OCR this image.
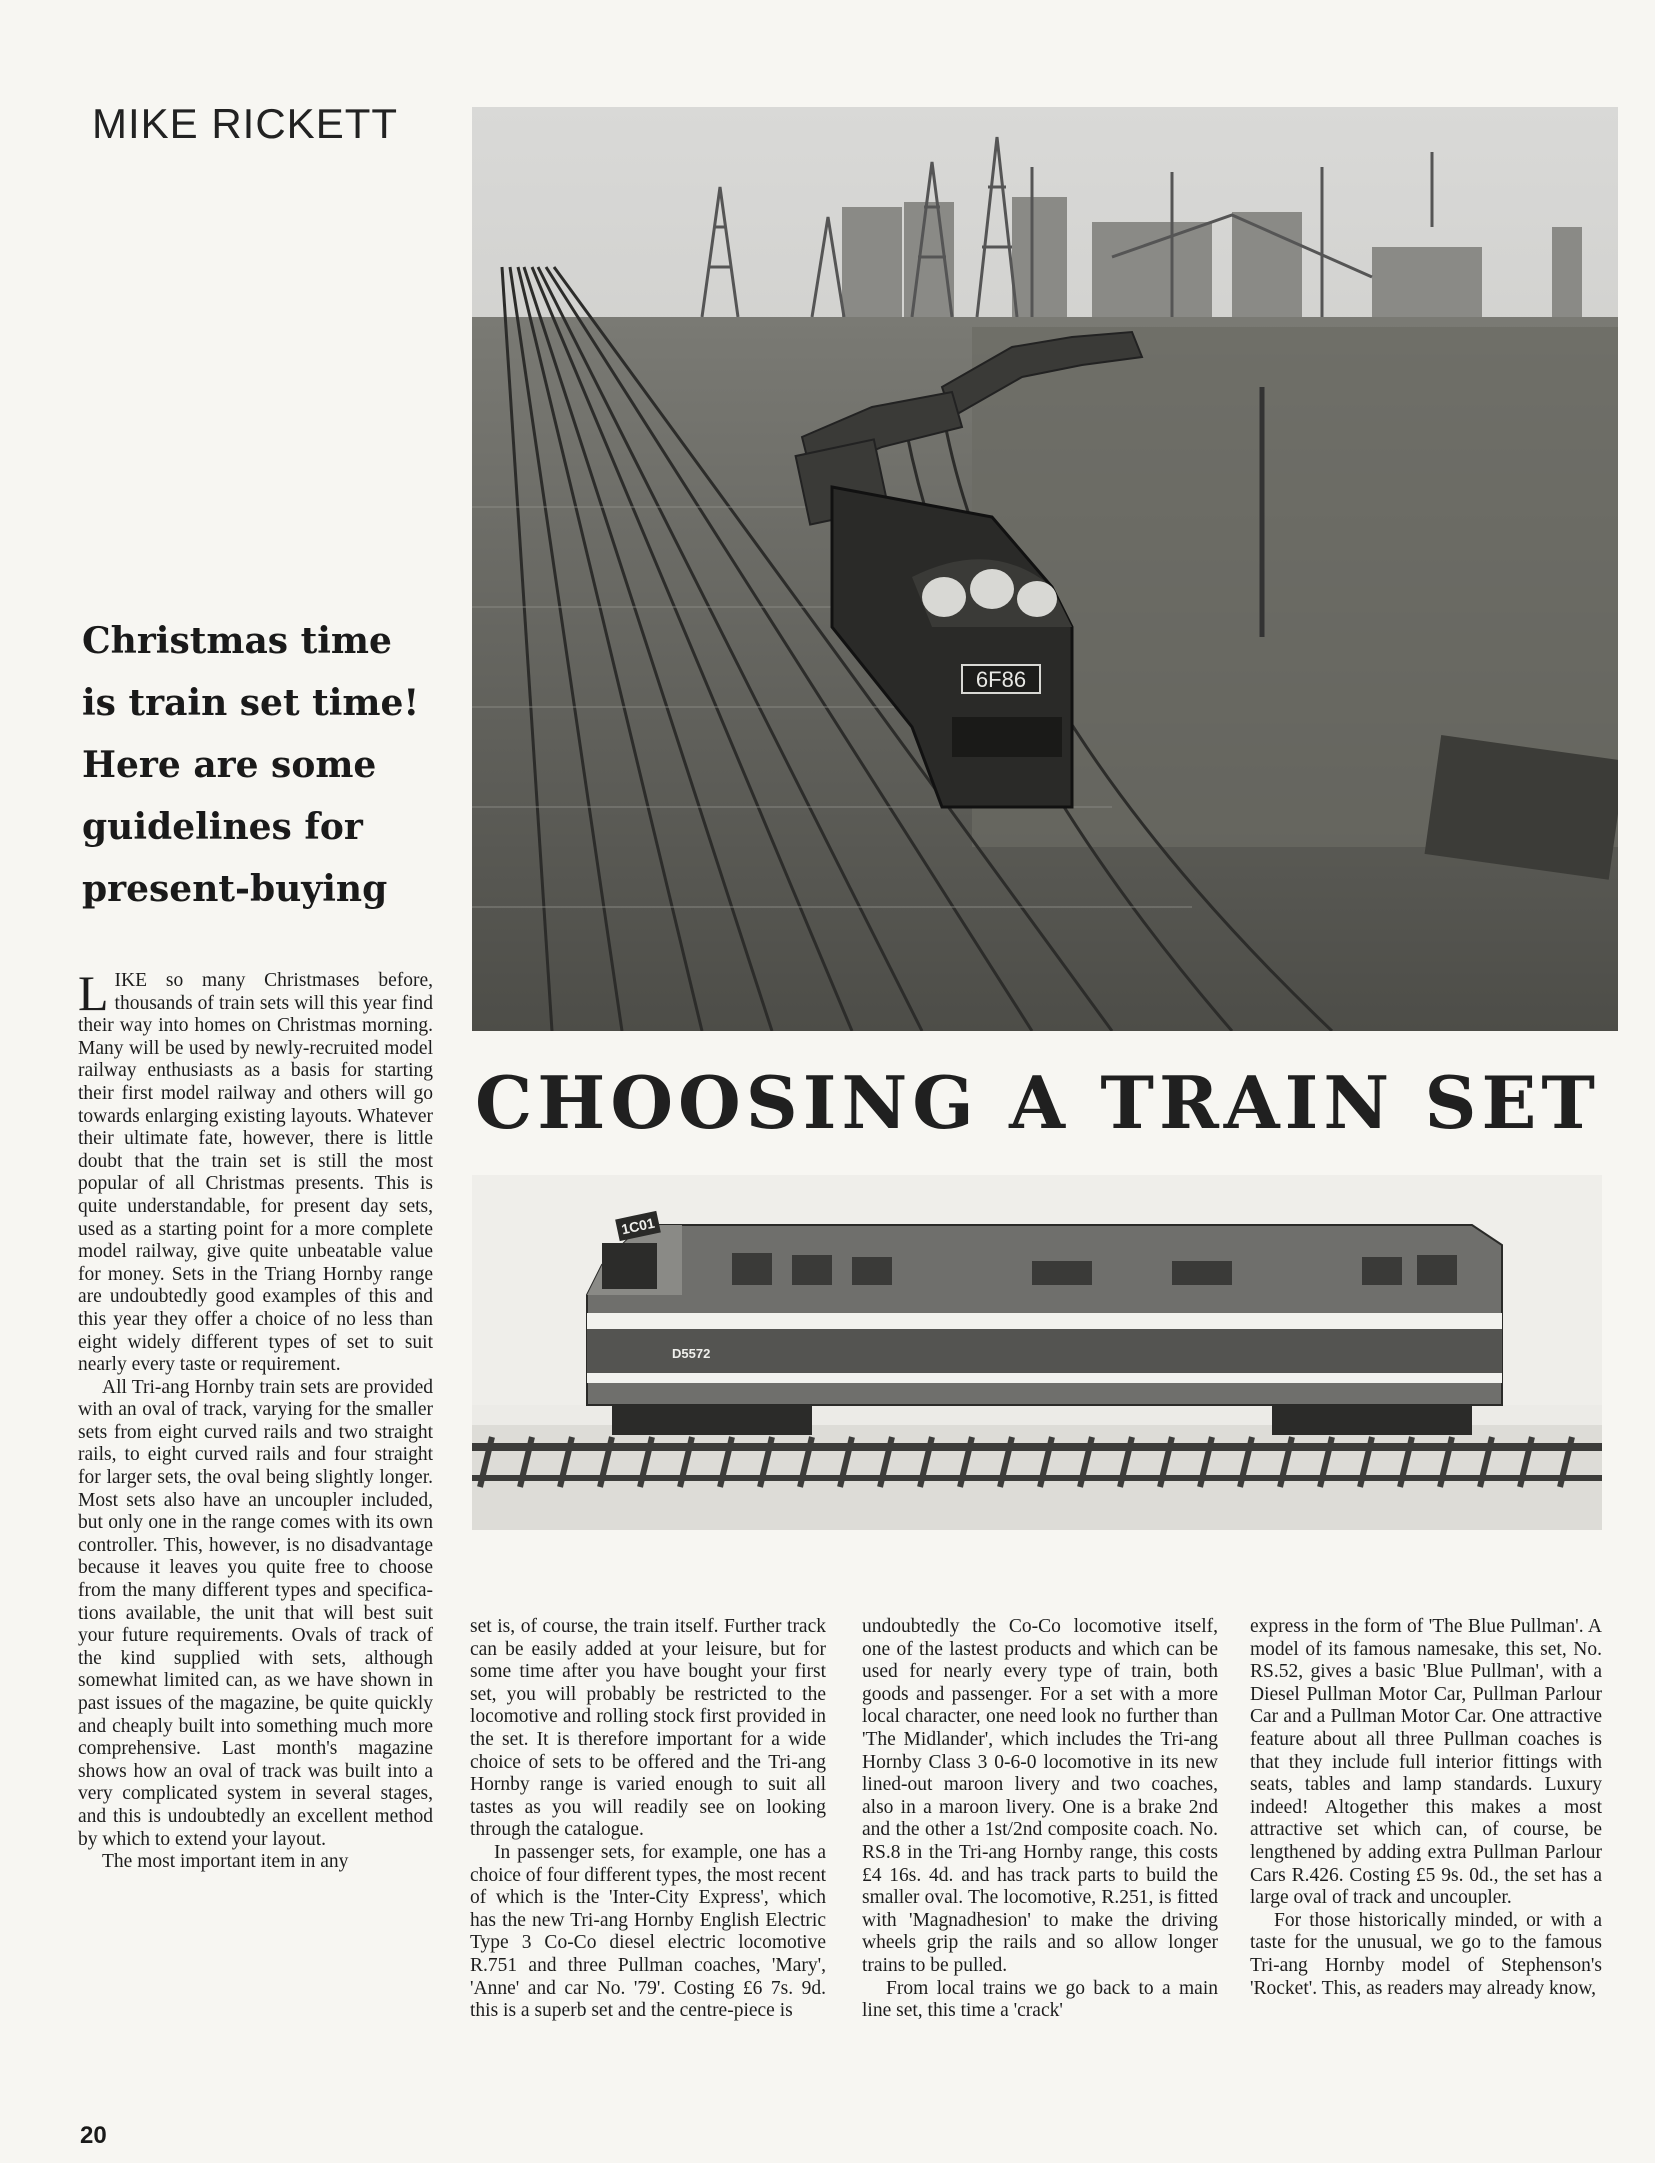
MIKE RICKETT
Christmas time
is train set time!
Here are some
guidelines for
present-buying
6F86
CHOOSING A TRAIN SET
1C01
D5572

LIKE so many Christmases before, thousands of train sets will this year find their way into homes on Christmas morning. Many will be used by newly-recruited model railway enthusiasts as a basis for starting their first model railway and others will go towards enlarging existing layouts. Whatever their ultimate fate, however, there is little doubt that the train set is still the most popular of all Christmas presents. This is quite understandable, for present day sets, used as a starting point for a more complete model railway, give quite unbeatable value for money. Sets in the Triang Hornby range are undoubtedly good examples of this and this year they offer a choice of no less than eight widely different types of set to suit nearly every taste or requirement.

All Tri-ang Hornby train sets are provided with an oval of track, varying for the smaller sets from eight curved rails and two straight rails, to eight curved rails and four straight for larger sets, the oval being slightly longer. Most sets also have an uncoupler included, but only one in the range comes with its own controller. This, however, is no disadvantage because it leaves you quite free to choose from the many different types and specifications available, the unit that will best suit your future requirements. Ovals of track of the kind supplied with sets, although somewhat limited can, as we have shown in past issues of the magazine, be quite quickly and cheaply built into something much more comprehensive. Last month's magazine shows how an oval of track was built into a very complicated system in several stages, and this is undoubtedly an excellent method by which to extend your layout.

The most important item in any

set is, of course, the train itself. Further track can be easily added at your leisure, but for some time after you have bought your first set, you will probably be restricted to the locomotive and rolling stock first provided in the set. It is therefore important for a wide choice of sets to be offered and the Tri-ang Hornby range is varied enough to suit all tastes as you will readily see on looking through the catalogue.

In passenger sets, for example, one has a choice of four different types, the most recent of which is the 'Inter-City Express', which has the new Tri-ang Hornby English Electric Type 3 Co-Co diesel electric locomotive R.751 and three Pullman coaches, 'Mary', 'Anne' and car No. '79'. Costing £6 7s. 9d. this is a superb set and the centre-piece is

undoubtedly the Co-Co locomotive itself, one of the lastest products and which can be used for nearly every type of train, both goods and passenger. For a set with a more local character, one need look no further than 'The Midlander', which includes the Tri-ang Hornby Class 3 0-6-0 locomotive in its new lined-out maroon livery and two coaches, also in a maroon livery. One is a brake 2nd and the other a 1st/2nd composite coach. No. RS.8 in the Tri-ang Hornby range, this costs £4 16s. 4d. and has track parts to build the smaller oval. The locomotive, R.251, is fitted with 'Magnadhesion' to make the driving wheels grip the rails and so allow longer trains to be pulled.

From local trains we go back to a main line set, this time a 'crack'

express in the form of 'The Blue Pullman'. A model of its famous namesake, this set, No. RS.52, gives a basic 'Blue Pullman', with a Diesel Pullman Motor Car, Pullman Parlour Car and a Pullman Motor Car. One attractive feature about all three Pullman coaches is that they include full interior fittings with seats, tables and lamp standards. Luxury indeed! Altogether this makes a most attractive set which can, of course, be lengthened by adding extra Pullman Parlour Cars R.426. Costing £5 9s. 0d., the set has a large oval of track and uncoupler.

For those historically minded, or with a taste for the unusual, we go to the famous Tri-ang Hornby model of Stephenson's 'Rocket'. This, as readers may already know,

20
